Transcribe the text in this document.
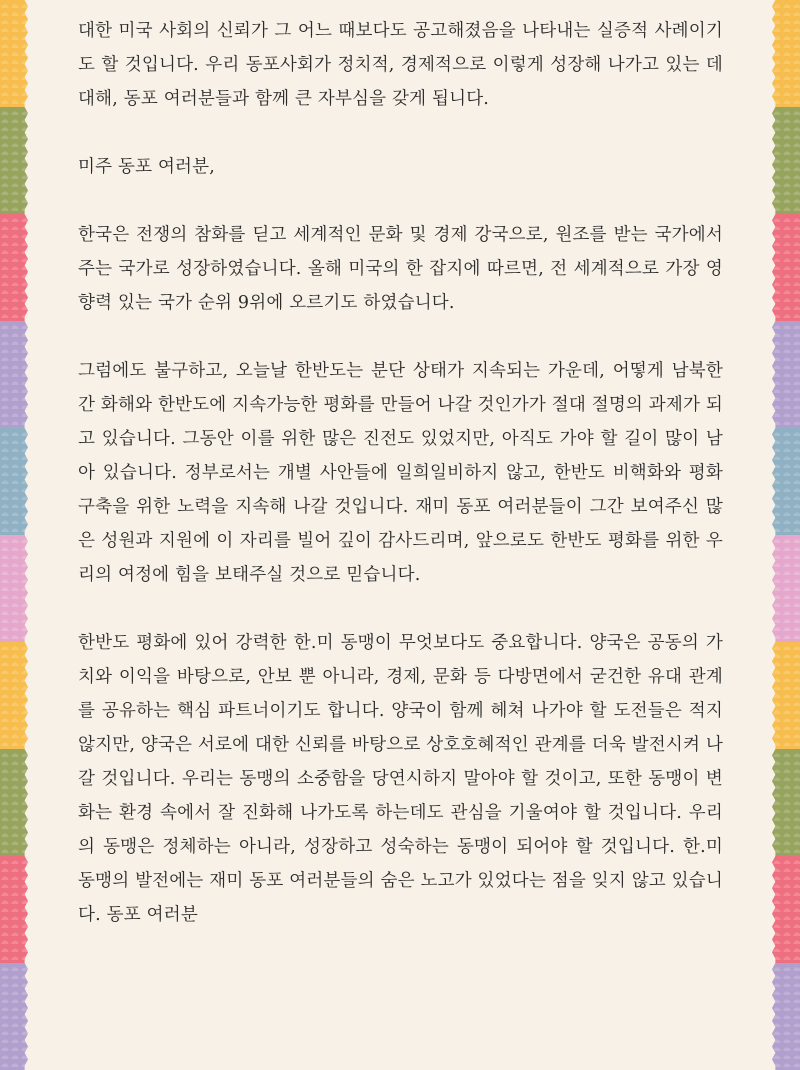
대한 미국 사회의 신뢰가 그 어느 때보다도 공고해졌음을 나타내는 실증적 사례이기도 할 것입니다. 우리 동포사회가 정치적, 경제적으로 이렇게 성장해 나가고 있는 데 대해, 동포 여러분들과 함께 큰 자부심을 갖게 됩니다.

미주 동포 여러분,

한국은 전쟁의 참화를 딛고 세계적인 문화 및 경제 강국으로, 원조를 받는 국가에서 주는 국가로 성장하였습니다. 올해 미국의 한 잡지에 따르면, 전 세계적으로 가장 영향력 있는 국가 순위 9위에 오르기도 하였습니다.

그럼에도 불구하고, 오늘날 한반도는 분단 상태가 지속되는 가운데, 어떻게 남북한 간 화해와 한반도에 지속가능한 평화를 만들어 나갈 것인가가 절대 절명의 과제가 되고 있습니다. 그동안 이를 위한 많은 진전도 있었지만, 아직도 가야 할 길이 많이 남아 있습니다. 정부로서는 개별 사안들에 일희일비하지 않고, 한반도 비핵화와 평화 구축을 위한 노력을 지속해 나갈 것입니다. 재미 동포 여러분들이 그간 보여주신 많은 성원과 지원에 이 자리를 빌어 깊이 감사드리며, 앞으로도 한반도 평화를 위한 우리의 여정에 힘을 보태주실 것으로 믿습니다.

한반도 평화에 있어 강력한 한.미 동맹이 무엇보다도 중요합니다. 양국은 공동의 가치와 이익을 바탕으로, 안보 뿐 아니라, 경제, 문화 등 다방면에서 굳건한 유대 관계를 공유하는 핵심 파트너이기도 합니다. 양국이 함께 헤쳐 나가야 할 도전들은 적지 않지만, 양국은 서로에 대한 신뢰를 바탕으로 상호호혜적인 관계를 더욱 발전시켜 나갈 것입니다. 우리는 동맹의 소중함을 당연시하지 말아야 할 것이고, 또한 동맹이 변화는 환경 속에서 잘 진화해 나가도록 하는데도 관심을 기울여야 할 것입니다. 우리의 동맹은 정체하는 아니라, 성장하고 성숙하는 동맹이 되어야 할 것입니다. 한.미 동맹의 발전에는 재미 동포 여러분들의 숨은 노고가 있었다는 점을 잊지 않고 있습니다. 동포 여러분
